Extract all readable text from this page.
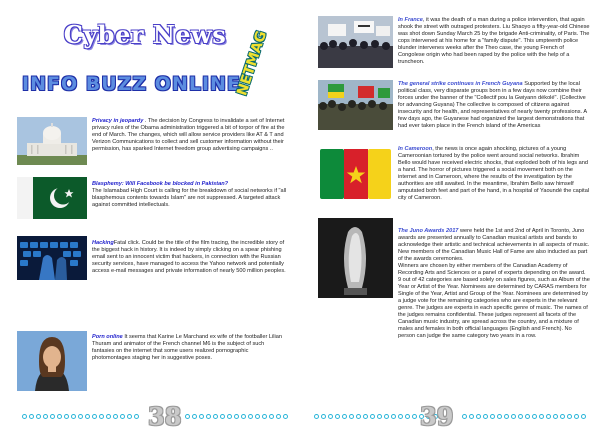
Cyber News
INFO BUZZ ONLINE
NETMAG
Privacy in jeopardy . The decision by Congress to invalidate a set of Internet privacy rules of the Obama administration triggered a bit of torpor of fire at the end of March. The changes, which will allow service providers like AT & T and Verizon Communications to collect and sell customer information without their permission, has sparked Internet freedom group advertising campaigns ..
Blasphemy: Will Facebook be blocked in Pakistan?
The Islamabad High Court is calling for the breakdown of social networks if "all blasphemous contents towards Islam" are not suppressed. A targeted attack against committed intellectuals.
HackingFatal click. Could be the title of the film tracing, the incredible story of the biggest hack in history. It is indeed by simply clicking on a spear phishing email sent to an innocent victim that hackers, in connection with the Russian security services, have managed to access the Yahoo network and potentially access e-mail messages and private information of nearly 500 million peoples.
Porn online It seems that Karine Le Marchand ex wife of the footballer Lilian Thuram and animator of the French channel M6 is the subject of such fantasies on the internet that some users realized pornographic photomontages staging her in suggestive poses.
38
In France, it was the death of a man during a police intervention, that again shook the street with outraged protesters. Liu Shaoyo a fifty-year-old Chinese was shot down Sunday March 25 by the brigade Anti-criminality, of Paris. The cops intervened at his home for a "family dispute". This umpteenth police blunder intervenes weeks after the Theo case, the young French of Congolese origin who had been raped by the police with the help of a truncheon.
The general strike continues in French Guyana Supported by the local political class, very disparate groups born in a few days now combine their forces under the banner of the "Collectif pou la Gwiyann dékolé". (Collective for advancing Guyana) The collective is composed of citizens against insecurity and for health, and representatives of nearly twenty professions. A few days ago, the Guyanese had organized the largest demonstrations that had ever taken place in the French island of the Americas
In Cameroon, the news is once again shocking, pictures of a young Cameroonian tortured by the police went around social networks. Ibrahim Bello would have received electric shocks, that exploded both of his legs and a hand. The horror of pictures triggered a social movement both on the internet and in Cameroon, where the results of the investigation by the authorities are still awaited. In the meantime, Ibrahim Bello saw himself amputated both feet and part of the hand, in a hospital of Yaoundé the capital city of Cameroon.

The Juno Awards 2017 were held the 1st and 2nd of April in Toronto, Juno awards are presented annually to Canadian musical artists and bands to acknowledge their artistic and technical achievements in all aspects of music. New members of the Canadian Music Hall of Fame are also inducted as part of the awards ceremonies.
Winners are chosen by either members of the Canadian Academy of Recording Arts and Sciences or a panel of experts depending on the award. 9 out of 42 categories are based solely on sales figures, such as Album of the Year or Artist of the Year. Nominees are determined by CARAS members for Single of the Year, Artist and Group of the Year. Nominees are determined by a judge vote for the remaining categories who are experts in the relevant genre. The judges are experts in each specific genre of music. The names of the judges remains confidential. These judges represent all facets of the Canadian music industry, are spread across the country, and a mixture of males and females in both official languages (English and French). No person can judge the same category two years in a row.

39
